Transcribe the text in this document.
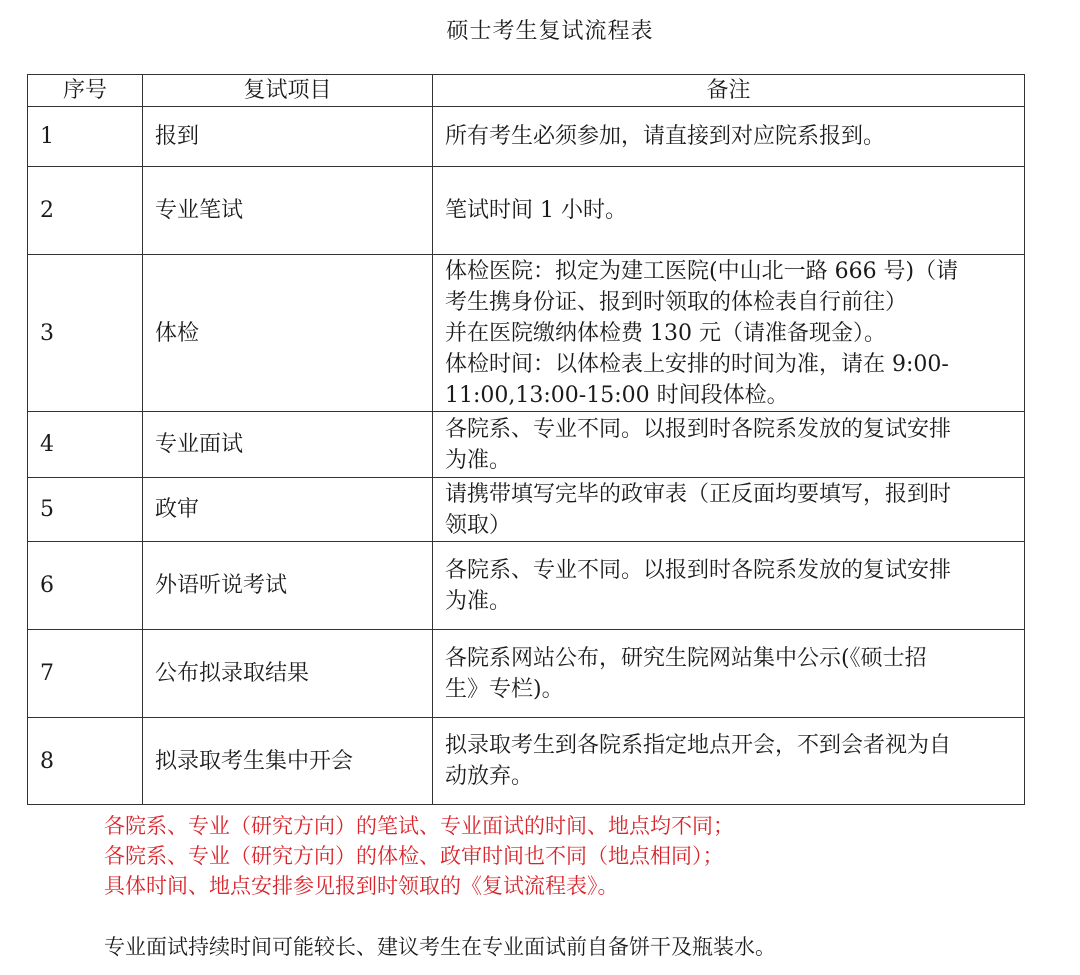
硕士考生复试流程表
序号	复试项目	备注
1	报到	所有考生必须参加，请直接到对应院系报到。

2	专业笔试	笔试时间 1 小时。

3	体检	体检医院：拟定为建工医院(中山北一路 666 号)（请
考生携身份证、报到时领取的体检表自行前往）
并在医院缴纳体检费 130 元（请准备现金）。
体检时间：以体检表上安排的时间为准，请在 9:00-
11:00,13:00-15:00 时间段体检。

4	专业面试	各院系、专业不同。以报到时各院系发放的复试安排
为准。

5	政审	请携带填写完毕的政审表（正反面均要填写，报到时
领取）

6	外语听说考试	各院系、专业不同。以报到时各院系发放的复试安排
为准。

7	公布拟录取结果	各院系网站公布，研究生院网站集中公示(《硕士招
生》专栏)。

8	拟录取考生集中开会	拟录取考生到各院系指定地点开会，不到会者视为自
动放弃。
各院系、专业（研究方向）的笔试、专业面试的时间、地点均不同；
各院系、专业（研究方向）的体检、政审时间也不同（地点相同）；
具体时间、地点安排参见报到时领取的《复试流程表》。
专业面试持续时间可能较长、建议考生在专业面试前自备饼干及瓶装水。
